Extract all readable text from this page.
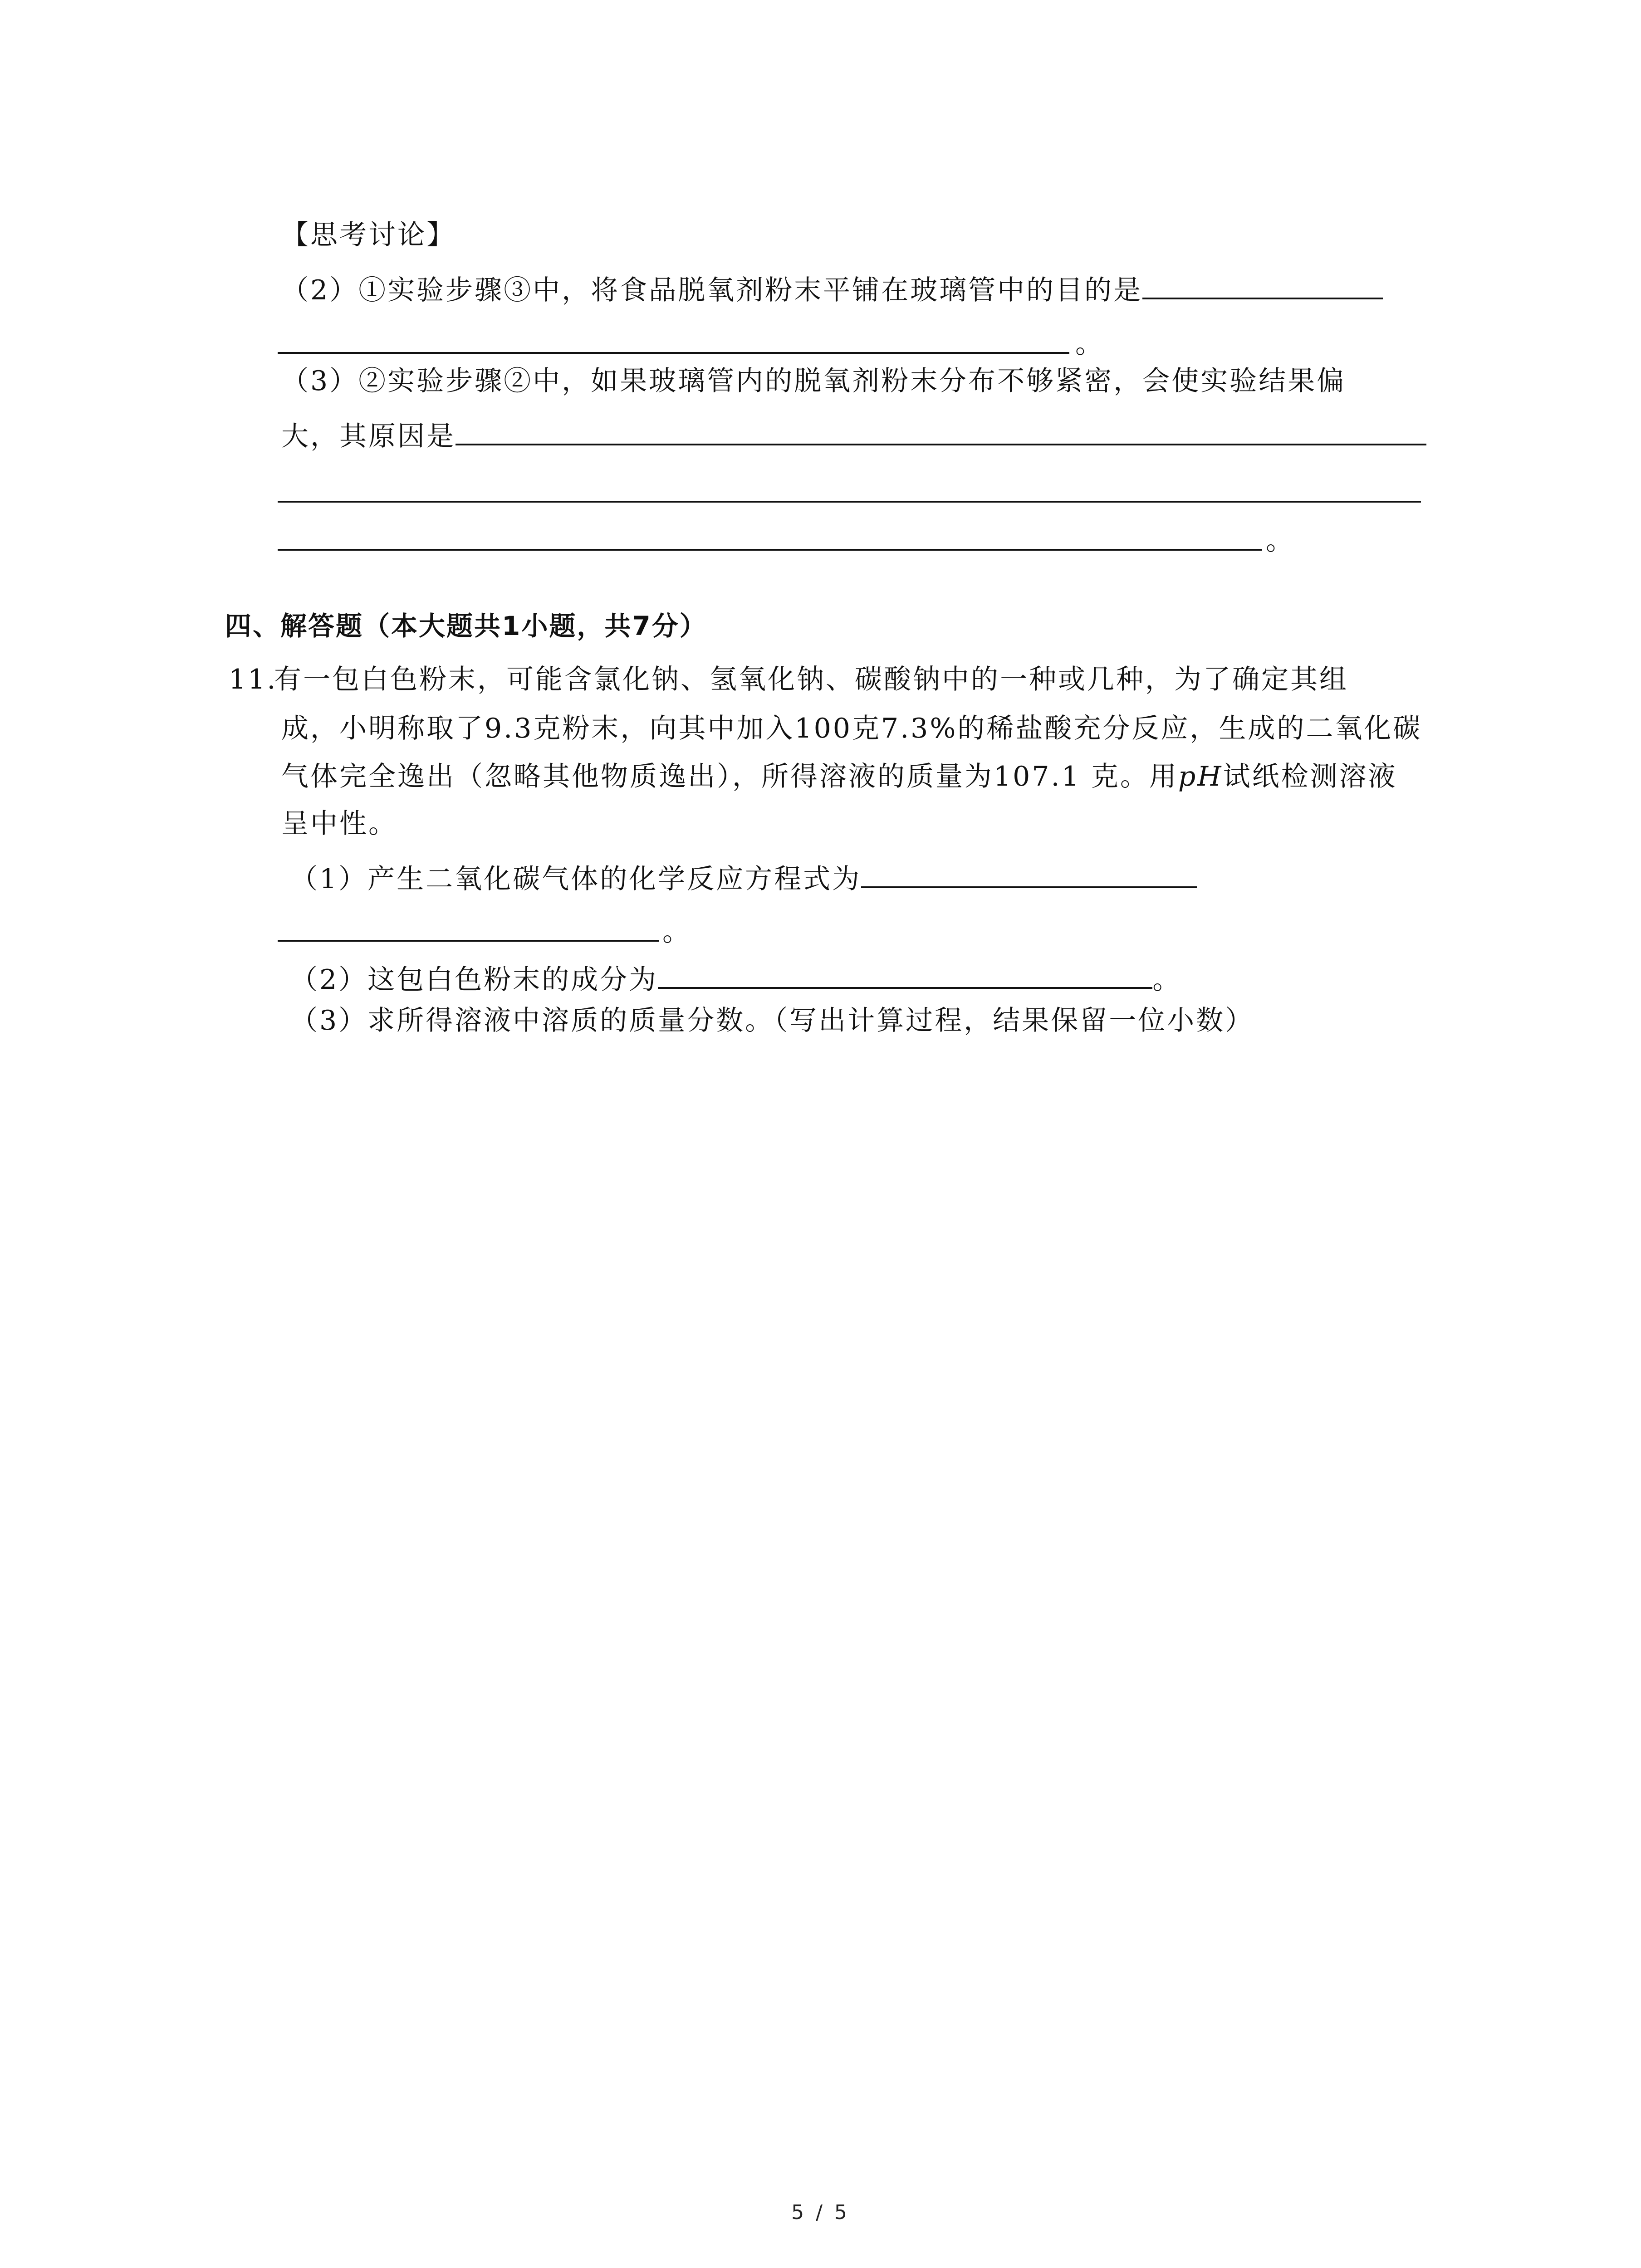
【思考讨论】
（2）①实验步骤③中，将食品脱氧剂粉末平铺在玻璃管中的目的是
。
（3）②实验步骤②中，如果玻璃管内的脱氧剂粉末分布不够紧密，会使实验结果偏
大，其原因是
。
四、解答题（本大题共1小题，共7分）
11.有一包白色粉末，可能含氯化钠、氢氧化钠、碳酸钠中的一种或几种，为了确定其组
成，小明称取了9.3克粉末，向其中加入100克7.3%的稀盐酸充分反应，生成的二氧化碳
气体完全逸出（忽略其他物质逸出），所得溶液的质量为107.1 克。用pH试纸检测溶液
呈中性。
（1）产生二氧化碳气体的化学反应方程式为
。
（2）这包白色粉末的成分为	。
（3）求所得溶液中溶质的质量分数。（写出计算过程，结果保留一位小数）
5 / 5
